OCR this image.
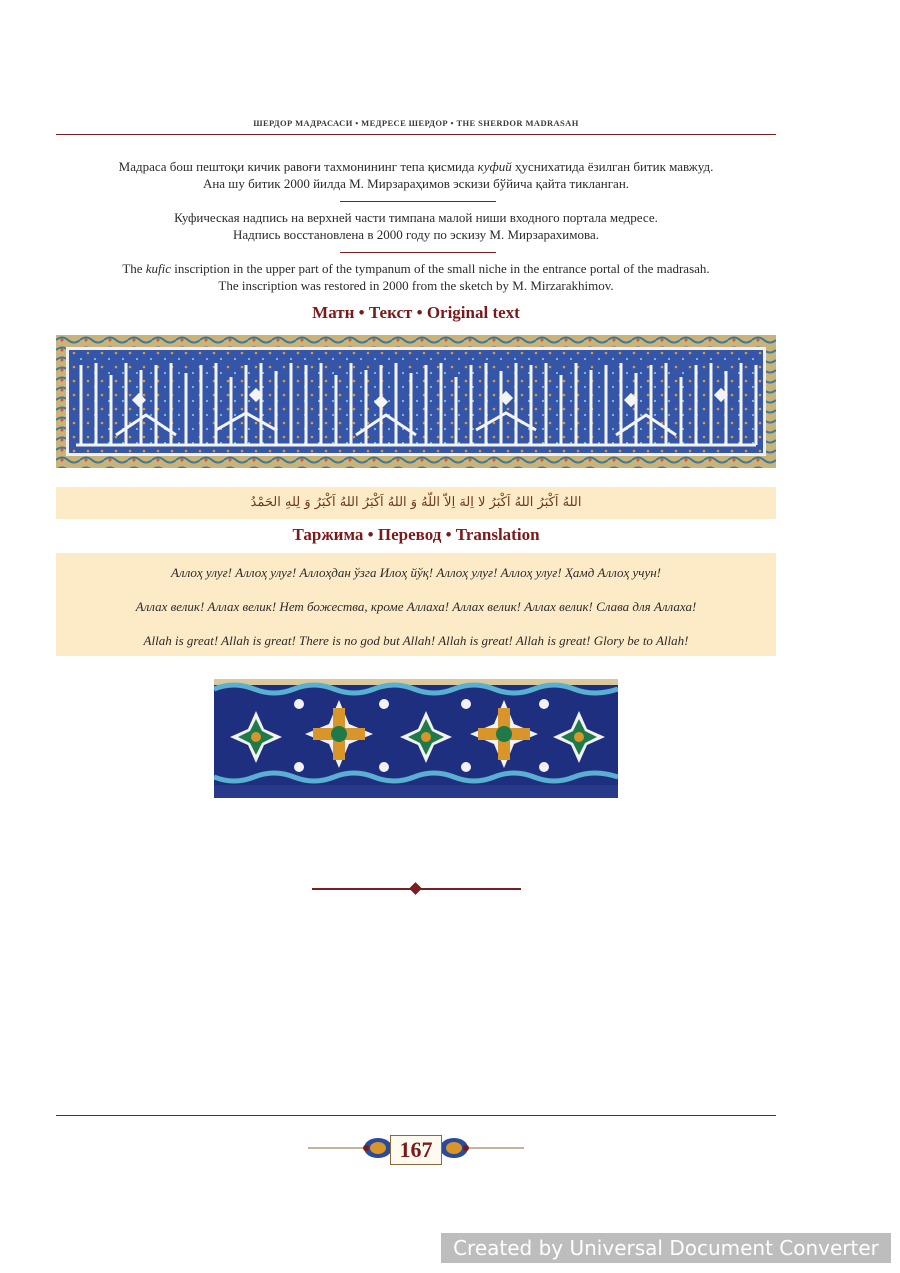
ШЕРДОР МАДРАСАСИ • МЕДРЕСЕ ШЕРДОР • THE SHERDOR MADRASAH
Мадраса бош пештоқи кичик равоғи тахмонининг тепа қисмида куфий ҳуснихатида ёзилган битик мавжуд.
Ана шу битик 2000 йилда М. Мирзараҳимов эскизи бўйича қайта тикланган.
Куфическая надпись на верхней части тимпана малой ниши входного портала медресе.
Надпись восстановлена в 2000 году по эскизу М. Мирзарахимова.
The kufic inscription in the upper part of the tympanum of the small niche in the entrance portal of the madrasah.
The inscription was restored in 2000 from the sketch by M. Mirzarakhimov.
Матн • Текст • Original text
اللهُ اَكْبَرُ اللهُ اَكْبَرُ لا اِلهَ اِلاّ اللّهُ وَ اللهُ اَكْبَرُ اللهُ اَكْبَرُ وَ لِلهِ الحَمْدُ
Таржима • Перевод • Translation
Аллоҳ улуғ! Аллоҳ улуғ! Аллоҳдан ўзга Илоҳ йўқ! Аллоҳ улуғ! Аллоҳ улуғ! Ҳамд Аллоҳ учун!
Аллах велик! Аллах велик! Нет божества, кроме Аллаха! Аллах велик! Аллах велик! Слава для Аллаха!
Allah is great! Allah is great! There is no god but Allah! Allah is great! Allah is great! Glory be to Allah!
167
Created by Universal Document Converter
